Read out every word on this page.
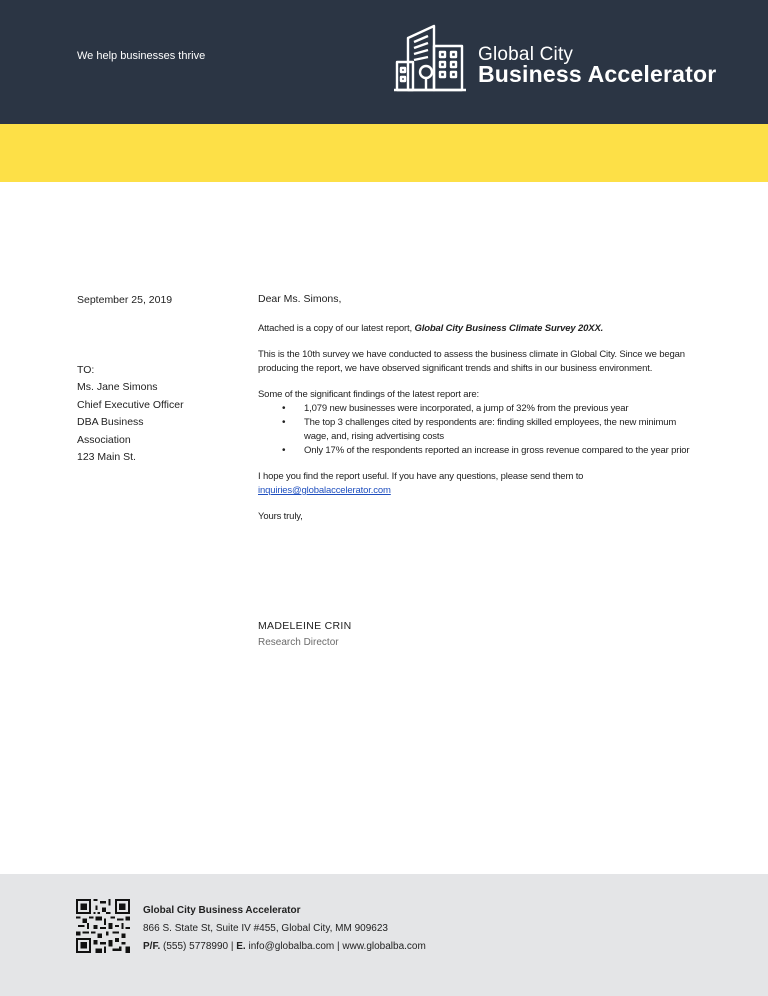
We help businesses thrive	Global City
Business Accelerator
September 25, 2019
TO:
Ms. Jane Simons
Chief Executive Officer
DBA Business
Association
123 Main St.

Dear Ms. Simons,

Attached is a copy of our latest report, Global City Business Climate Survey 20XX.

This is the 10th survey we have conducted to assess the business climate in Global City. Since we began producing the report, we have observed significant trends and shifts in our business environment.

Some of the significant findings of the latest report are:

• 1,079 new businesses were incorporated, a jump of 32% from the previous year
• The top 3 challenges cited by respondents are: finding skilled employees, the new minimum wage, and, rising advertising costs
• Only 17% of the respondents reported an increase in gross revenue compared to the year prior

I hope you find the report useful. If you have any questions, please send them to
inquiries@globalaccelerator.com

Yours truly,

MADELEINE CRIN
Research Director
Global City Business Accelerator
866 S. State St, Suite IV #455, Global City, MM 909623
P/F. (555) 5778990 | E. info@globalba.com | www.globalba.com
